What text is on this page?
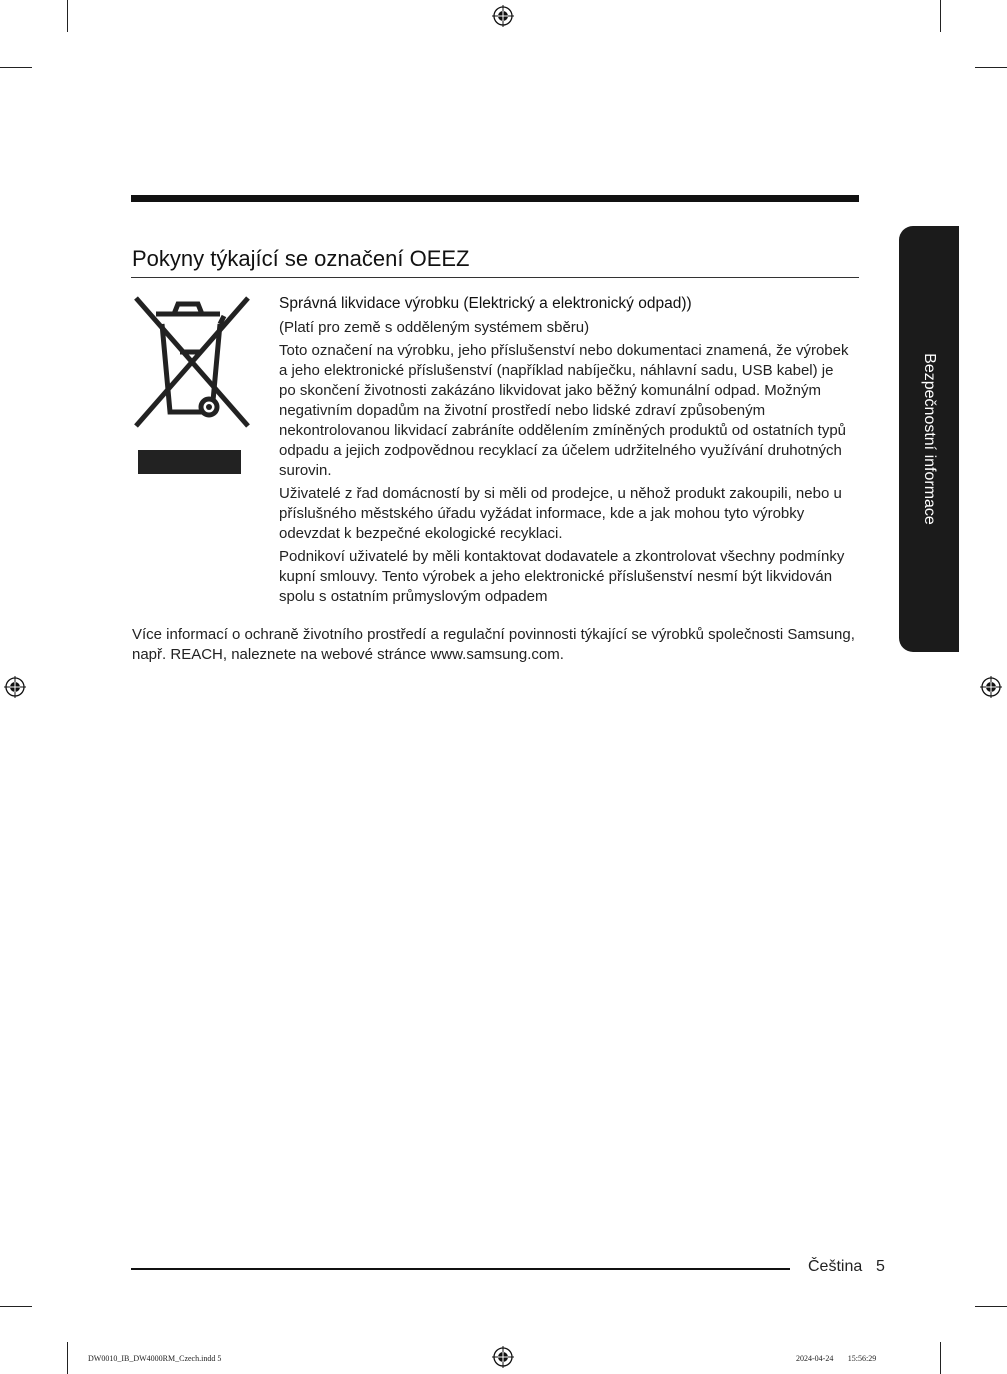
Pokyny týkající se označení OEEZ

Správná likvidace výrobku (Elektrický a elektronický odpad))

(Platí pro země s odděleným systémem sběru)

Toto označení na výrobku, jeho příslušenství nebo dokumentaci znamená, že výrobek a jeho elektronické příslušenství (například nabíječku, náhlavní sadu, USB kabel) je po skončení životnosti zakázáno likvidovat jako běžný komunální odpad. Možným negativním dopadům na životní prostředí nebo lidské zdraví způsobeným nekontrolovanou likvidací zabráníte oddělením zmíněných produktů od ostatních typů odpadu a jejich zodpovědnou recyklací za účelem udržitelného využívání druhotných surovin.

Uživatelé z řad domácností by si měli od prodejce, u něhož produkt zakoupili, nebo u příslušného městského úřadu vyžádat informace, kde a jak mohou tyto výrobky odevzdat k bezpečné ekologické recyklaci.

Podnikoví uživatelé by měli kontaktovat dodavatele a zkontrolovat všechny podmínky kupní smlouvy. Tento výrobek a jeho elektronické příslušenství nesmí být likvidován spolu s ostatním průmyslovým odpadem

Více informací o ochraně životního prostředí a regulační povinnosti týkající se výrobků společnosti Samsung, např. REACH, naleznete na webové stránce www.samsung.com.

Bezpečnostní informace
Čeština 5
DW0010_IB_DW4000RM_Czech.indd 5	2024-04-24   15:56:29
